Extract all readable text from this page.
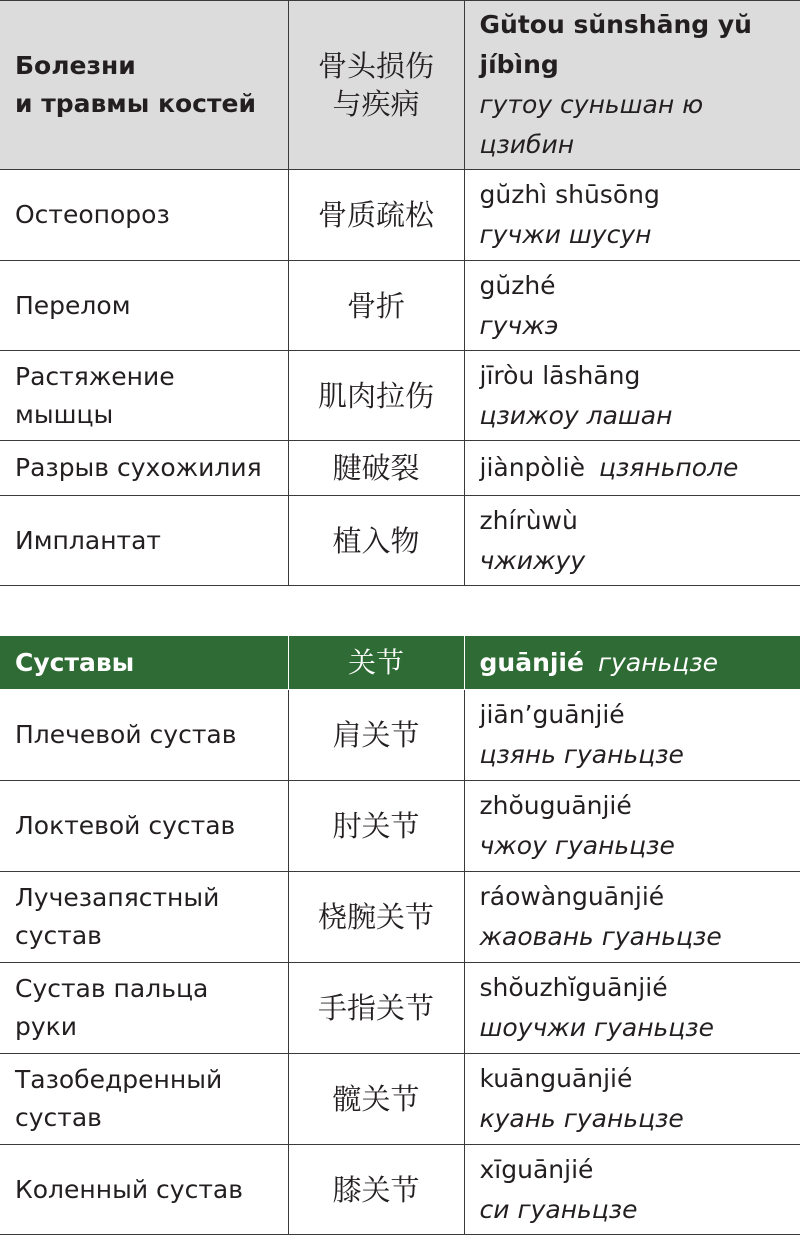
Болезни
и травмы костей	骨头损伤
与疾病	Gŭtou sŭnshāng yŭ
jíbìng
гутоу суньшан ю
цзибин

Остеопороз	骨质疏松	gŭzhì shūsōng
гучжи шусун

Перелом	骨折	gŭzhé
гучжэ

Растяжение
мышцы	肌肉拉伤	jīròu lāshāng
цзижоу лашан

Разрыв сухожилия	腱破裂	jiànpòliè цзяньполе
Имплантат	植入物	zhírùwù
чжижуу
Суставы	关节	guānjié гуаньцзе
Плечевой сустав	肩关节	jiān’guānjié
цзянь гуаньцзе

Локтевой сустав	肘关节	zhŏuguānjié
чжоу гуаньцзе

Лучезапястный
сустав	桡腕关节	ráowànguānjié
жаовань гуаньцзе

Сустав пальца
руки	手指关节	shŏuzhĭguānjié
шоучжи гуаньцзе

Тазобедренный
сустав	髋关节	kuānguānjié
куань гуаньцзе

Коленный сустав	膝关节	xīguānjié
си гуаньцзе
